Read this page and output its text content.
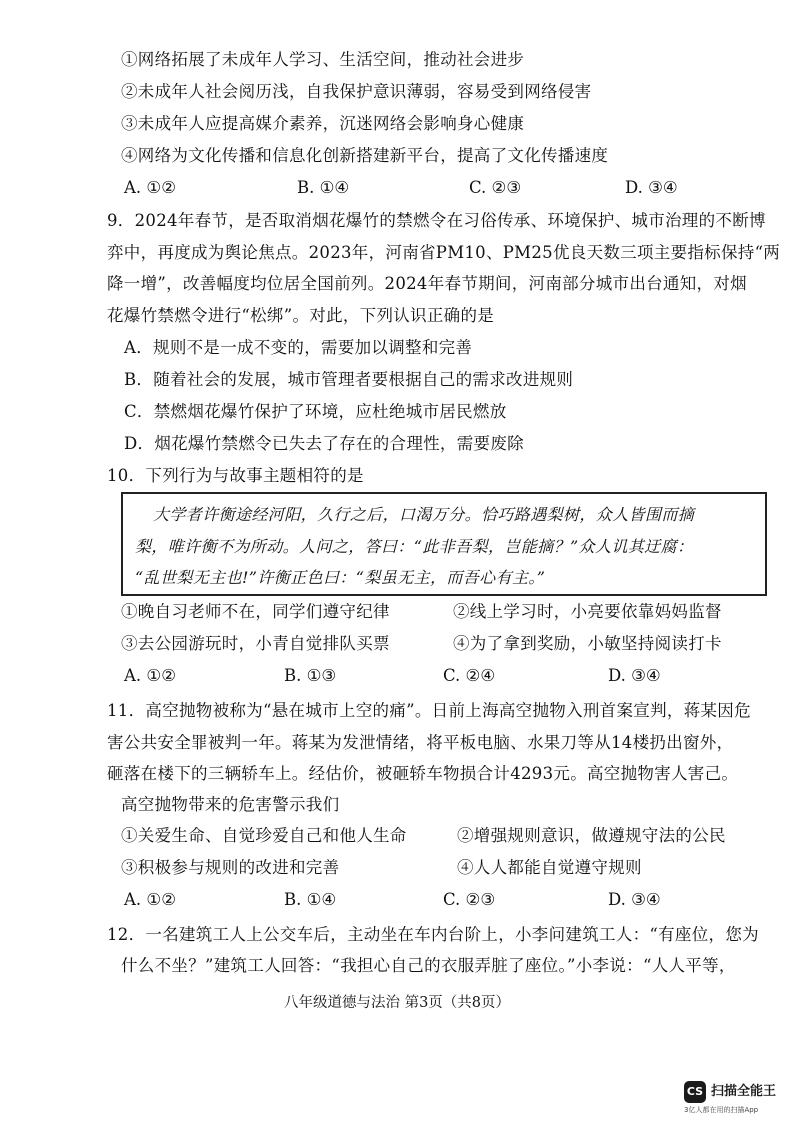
①网络拓展了未成年人学习、生活空间，推动社会进步
②未成年人社会阅历浅，自我保护意识薄弱，容易受到网络侵害
③未成年人应提高媒介素养，沉迷网络会影响身心健康
④网络为文化传播和信息化创新搭建新平台，提高了文化传播速度
A. ①②	B. ①④	C. ②③	D. ③④
9．2024年春节，是否取消烟花爆竹的禁燃令在习俗传承、环境保护、城市治理的不断博
弈中，再度成为舆论焦点。2023年，河南省PM10、PM25优良天数三项主要指标保持“两
降一增”，改善幅度均位居全国前列。2024年春节期间，河南部分城市出台通知，对烟
花爆竹禁燃令进行“松绑”。对此，下列认识正确的是
A．规则不是一成不变的，需要加以调整和完善
B．随着社会的发展，城市管理者要根据自己的需求改进规则
C．禁燃烟花爆竹保护了环境，应杜绝城市居民燃放
D．烟花爆竹禁燃令已失去了存在的合理性，需要废除
10．下列行为与故事主题相符的是
大学者许衡途经河阳，久行之后，口渴万分。恰巧路遇梨树，众人皆围而摘
梨，唯许衡不为所动。人问之，答曰：“此非吾梨，岂能摘？”众人讥其迂腐：
“乱世梨无主也!”许衡正色曰：“梨虽无主，而吾心有主。”
①晚自习老师不在，同学们遵守纪律	②线上学习时，小亮要依靠妈妈监督
③去公园游玩时，小青自觉排队买票	④为了拿到奖励，小敏坚持阅读打卡
A. ①②	B. ①③	C. ②④	D. ③④
11．高空抛物被称为“悬在城市上空的痛”。日前上海高空抛物入刑首案宣判，蒋某因危
害公共安全罪被判一年。蒋某为发泄情绪，将平板电脑、水果刀等从14楼扔出窗外，
砸落在楼下的三辆轿车上。经估价，被砸轿车物损合计4293元。高空抛物害人害己。
高空抛物带来的危害警示我们
①关爱生命、自觉珍爱自己和他人生命	②增强规则意识，做遵规守法的公民
③积极参与规则的改进和完善	④人人都能自觉遵守规则
A. ①②	B. ①④	C. ②③	D. ③④
12．一名建筑工人上公交车后，主动坐在车内台阶上，小李问建筑工人：“有座位，您为
什么不坐？”建筑工人回答：“我担心自己的衣服弄脏了座位。”小李说：“人人平等，
八年级道德与法治 第3页（共8页）
CS 扫描全能王
3亿人都在用的扫描App
